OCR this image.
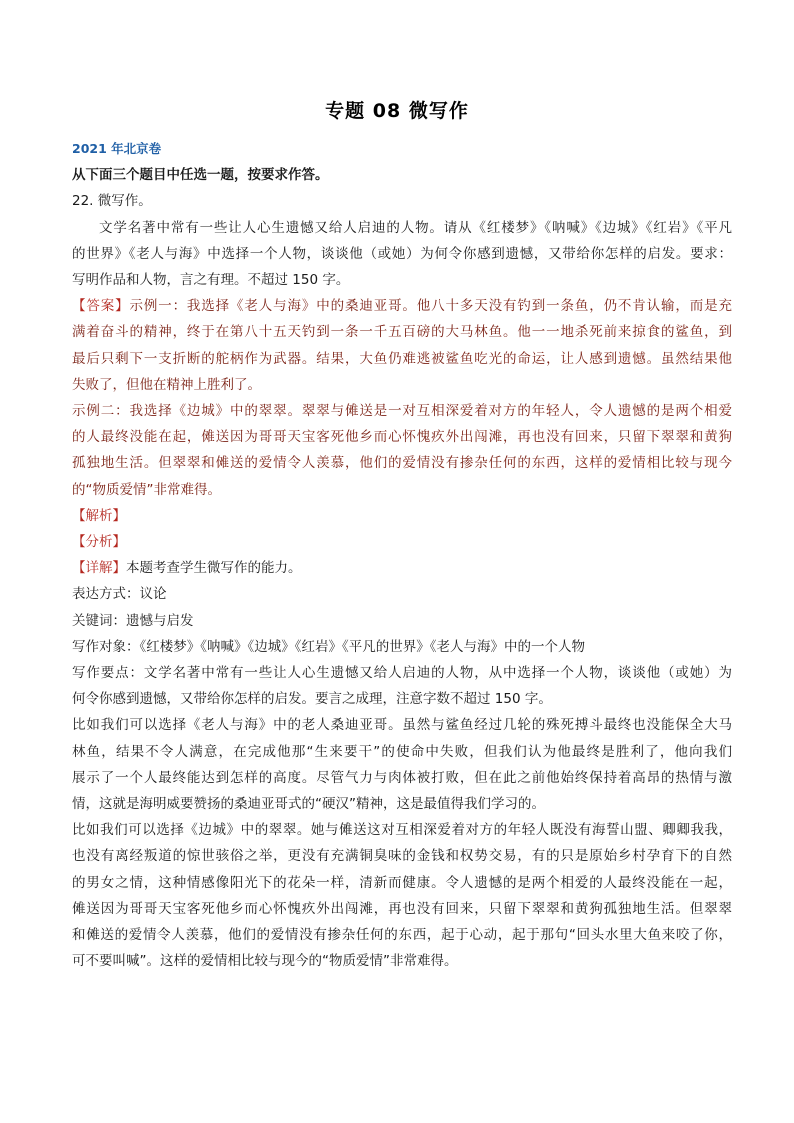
专题 08 微写作
2021 年北京卷
从下面三个题目中任选一题，按要求作答。
22. 微写作。
文学名著中常有一些让人心生遗憾又给人启迪的人物。请从《红楼梦》《呐喊》《边城》《红岩》《平凡
的世界》《老人与海》中选择一个人物，谈谈他（或她）为何令你感到遗憾，又带给你怎样的启发。要求：
写明作品和人物，言之有理。不超过 150 字。
【答案】示例一：我选择《老人与海》中的桑迪亚哥。他八十多天没有钓到一条鱼，仍不肯认输，而是充
满着奋斗的精神，终于在第八十五天钓到一条一千五百磅的大马林鱼。他一一地杀死前来掠食的鲨鱼，到
最后只剩下一支折断的舵柄作为武器。结果，大鱼仍难逃被鲨鱼吃光的命运，让人感到遗憾。虽然结果他
失败了，但他在精神上胜利了。
示例二：我选择《边城》中的翠翠。翠翠与傩送是一对互相深爱着对方的年轻人，令人遗憾的是两个相爱
的人最终没能在起，傩送因为哥哥天宝客死他乡而心怀愧疚外出闯滩，再也没有回来，只留下翠翠和黄狗
孤独地生活。但翠翠和傩送的爱情令人羡慕，他们的爱情没有掺杂任何的东西，这样的爱情相比较与现今
的“物质爱情”非常难得。
【解析】
【分析】
【详解】本题考查学生微写作的能力。
表达方式：议论
关键词：遗憾与启发
写作对象：《红楼梦》《呐喊》《边城》《红岩》《平凡的世界》《老人与海》中的一个人物
写作要点：文学名著中常有一些让人心生遗憾又给人启迪的人物，从中选择一个人物，谈谈他（或她）为
何令你感到遗憾，又带给你怎样的启发。要言之成理，注意字数不超过 150 字。
比如我们可以选择《老人与海》中的老人桑迪亚哥。虽然与鲨鱼经过几轮的殊死搏斗最终也没能保全大马
林鱼，结果不令人满意，在完成他那“生来要干”的使命中失败，但我们认为他最终是胜利了，他向我们
展示了一个人最终能达到怎样的高度。尽管气力与肉体被打败，但在此之前他始终保持着高昂的热情与激
情，这就是海明威要赞扬的桑迪亚哥式的“硬汉”精神，这是最值得我们学习的。
比如我们可以选择《边城》中的翠翠。她与傩送这对互相深爱着对方的年轻人既没有海誓山盟、卿卿我我，
也没有离经叛道的惊世骇俗之举，更没有充满铜臭味的金钱和权势交易，有的只是原始乡村孕育下的自然
的男女之情，这种情感像阳光下的花朵一样，清新而健康。令人遗憾的是两个相爱的人最终没能在一起，
傩送因为哥哥天宝客死他乡而心怀愧疚外出闯滩，再也没有回来，只留下翠翠和黄狗孤独地生活。但翠翠
和傩送的爱情令人羡慕，他们的爱情没有掺杂任何的东西，起于心动，起于那句“回头水里大鱼来咬了你，
可不要叫喊”。这样的爱情相比较与现今的“物质爱情”非常难得。
